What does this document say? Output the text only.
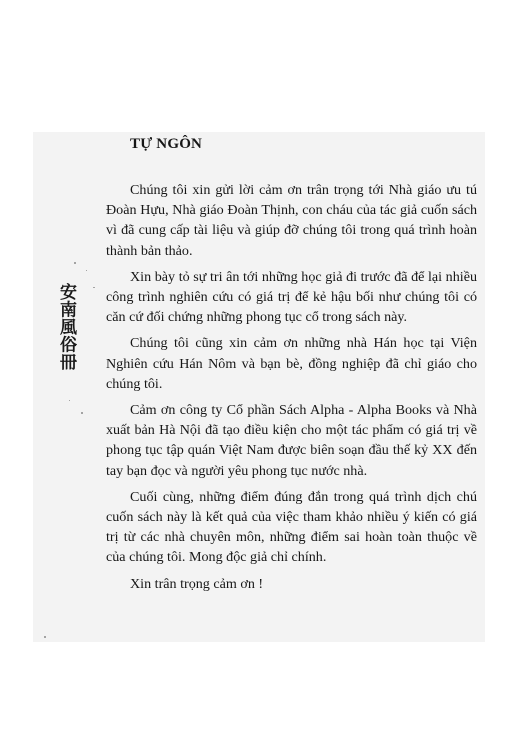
TỰ NGÔN
安南風俗冊

Chúng tôi xin gửi lời cảm ơn trân trọng tới Nhà giáo ưu tú Đoàn Hựu, Nhà giáo Đoàn Thịnh, con cháu của tác giả cuốn sách vì đã cung cấp tài liệu và giúp đỡ chúng tôi trong quá trình hoàn thành bản thảo.

Xin bày tỏ sự tri ân tới những học giả đi trước đã để lại nhiều công trình nghiên cứu có giá trị để kẻ hậu bối như chúng tôi có căn cứ đối chứng những phong tục cổ trong sách này.

Chúng tôi cũng xin cảm ơn những nhà Hán học tại Viện Nghiên cứu Hán Nôm và bạn bè, đồng nghiệp đã chỉ giáo cho chúng tôi.

Cảm ơn công ty Cổ phần Sách Alpha - Alpha Books và Nhà xuất bản Hà Nội đã tạo điều kiện cho một tác phẩm có giá trị về phong tục tập quán Việt Nam được biên soạn đầu thế kỷ XX đến tay bạn đọc và người yêu phong tục nước nhà.

Cuối cùng, những điểm đúng đắn trong quá trình dịch chú cuốn sách này là kết quả của việc tham khảo nhiều ý kiến có giá trị từ các nhà chuyên môn, những điểm sai hoàn toàn thuộc về của chúng tôi. Mong độc giả chỉ chính.

Xin trân trọng cảm ơn !
